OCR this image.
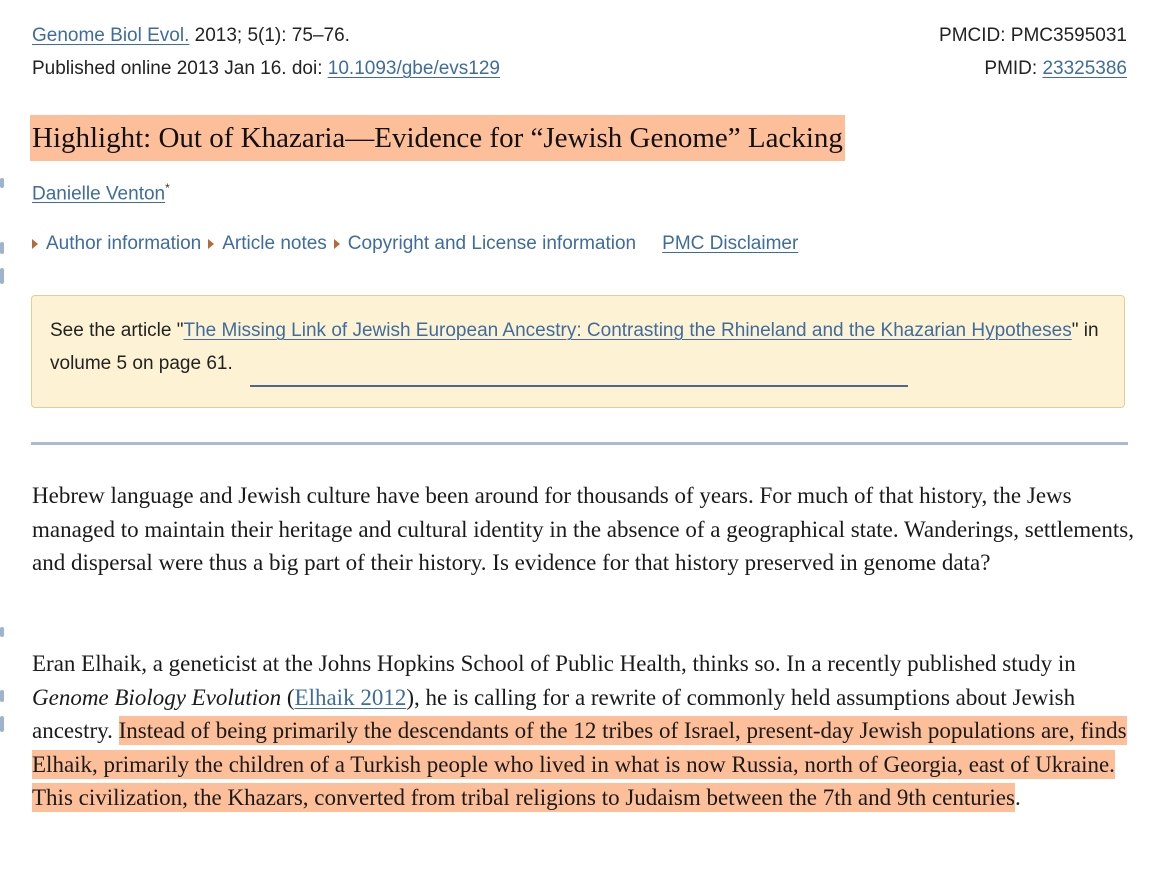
Genome Biol Evol. 2013; 5(1): 75–76.
Published online 2013 Jan 16. doi: 10.1093/gbe/evs129
PMCID: PMC3595031
PMID: 23325386
Highlight: Out of Khazaria—Evidence for “Jewish Genome” Lacking
Danielle Venton*
Author information Article notes Copyright and License information PMC Disclaimer
See the article "The Missing Link of Jewish European Ancestry: Contrasting the Rhineland and the Khazarian Hypotheses" in volume 5 on page 61.

Hebrew language and Jewish culture have been around for thousands of years. For much of that history, the Jews managed to maintain their heritage and cultural identity in the absence of a geographical state. Wanderings, settlements, and dispersal were thus a big part of their history. Is evidence for that history preserved in genome data?

Eran Elhaik, a geneticist at the Johns Hopkins School of Public Health, thinks so. In a recently published study in Genome Biology Evolution (Elhaik 2012), he is calling for a rewrite of commonly held assumptions about Jewish ancestry. Instead of being primarily the descendants of the 12 tribes of Israel, present-day Jewish populations are, finds Elhaik, primarily the children of a Turkish people who lived in what is now Russia, north of Georgia, east of Ukraine. This civilization, the Khazars, converted from tribal religions to Judaism between the 7th and 9th centuries.
